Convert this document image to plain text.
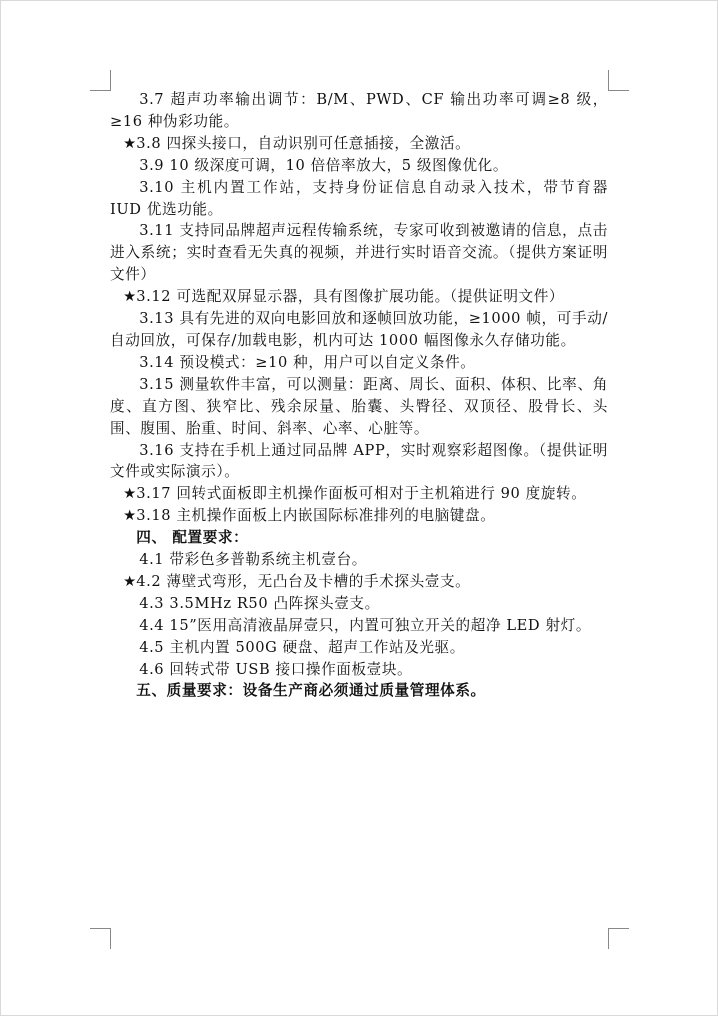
3.7 超声功率输出调节：B/M、PWD、CF 输出功率可调≥8 级，≥16 种伪彩功能。

★3.8 四探头接口，自动识别可任意插接，全激活。

3.9 10 级深度可调，10 倍倍率放大，5 级图像优化。

3.10 主机内置工作站，支持身份证信息自动录入技术，带节育器 IUD 优选功能。

3.11 支持同品牌超声远程传输系统，专家可收到被邀请的信息，点击进入系统；实时查看无失真的视频，并进行实时语音交流。（提供方案证明文件）

★3.12 可选配双屏显示器，具有图像扩展功能。（提供证明文件）

3.13 具有先进的双向电影回放和逐帧回放功能，≥1000 帧，可手动/自动回放，可保存/加载电影，机内可达 1000 幅图像永久存储功能。

3.14 预设模式：≥10 种，用户可以自定义条件。

3.15 测量软件丰富，可以测量：距离、周长、面积、体积、比率、角度、直方图、狭窄比、残余尿量、胎囊、头臀径、双顶径、股骨长、头围、腹围、胎重、时间、斜率、心率、心脏等。

3.16 支持在手机上通过同品牌 APP，实时观察彩超图像。（提供证明文件或实际演示）。

★3.17 回转式面板即主机操作面板可相对于主机箱进行 90 度旋转。

★3.18 主机操作面板上内嵌国际标准排列的电脑键盘。

四、 配置要求：

4.1 带彩色多普勒系统主机壹台。

★4.2 薄壁式弯形，无凸台及卡槽的手术探头壹支。

4.3 3.5MHz R50 凸阵探头壹支。

4.4 15”医用高清液晶屏壹只，内置可独立开关的超净 LED 射灯。

4.5 主机内置 500G 硬盘、超声工作站及光驱。

4.6 回转式带 USB 接口操作面板壹块。

五、质量要求：设备生产商必须通过质量管理体系。
